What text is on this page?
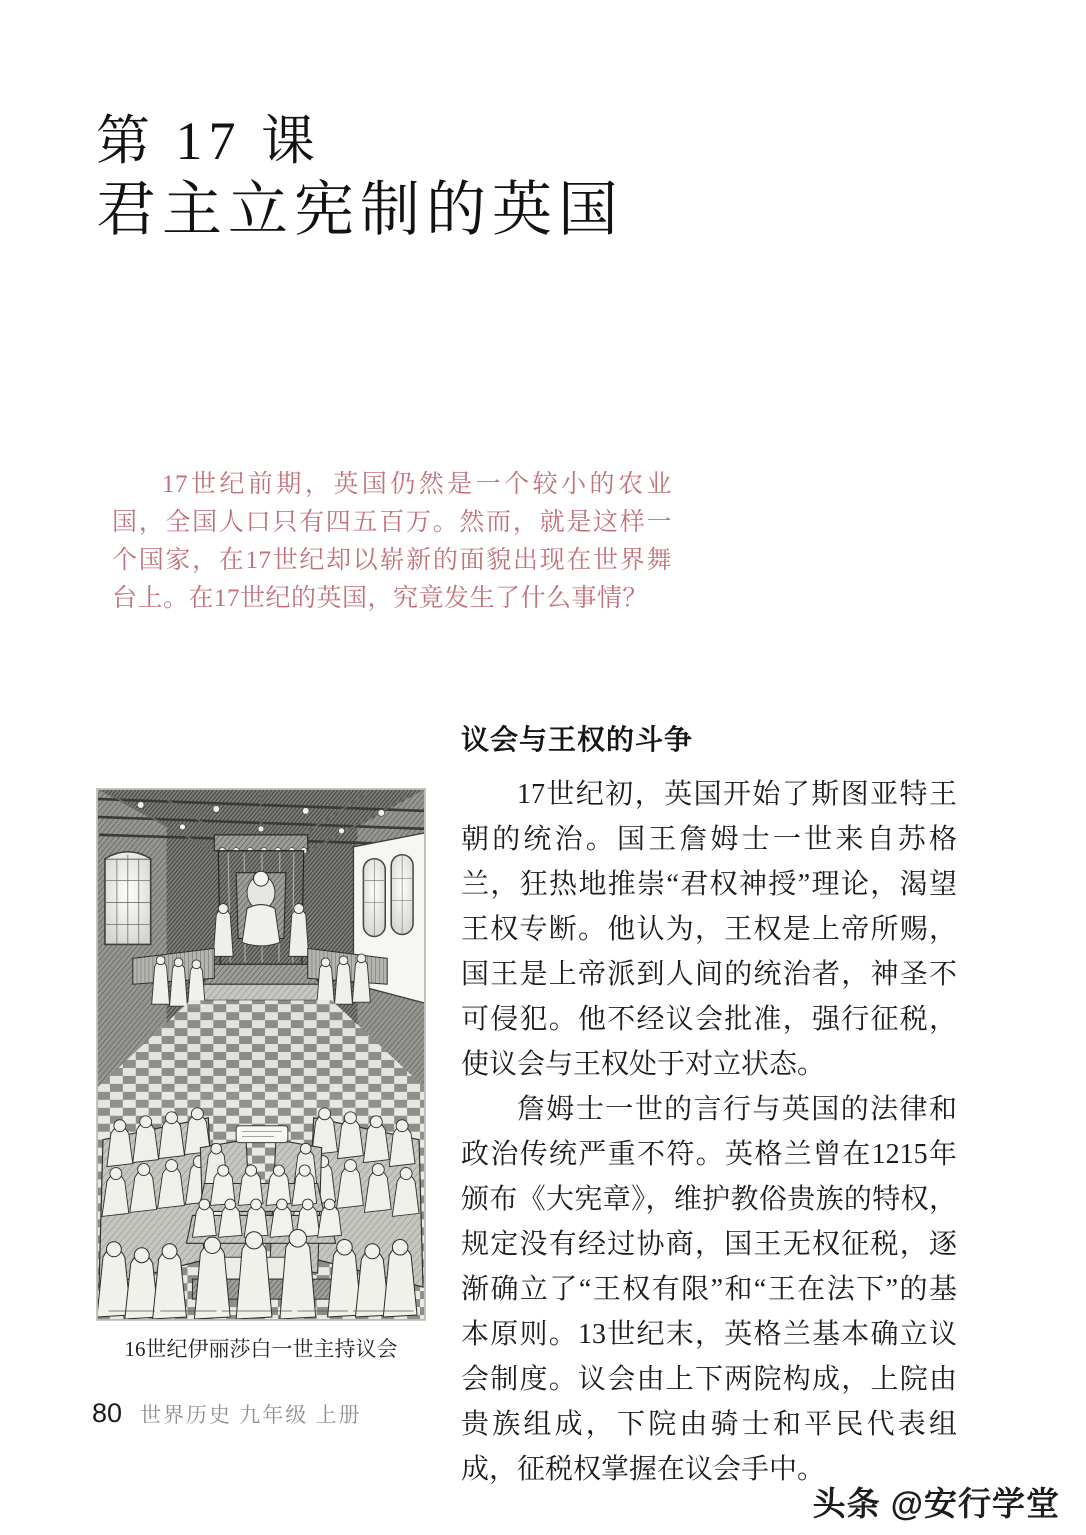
第 17 课
君主立宪制的英国
17世纪前期，英国仍然是一个较小的农业国，全国人口只有四五百万。然而，就是这样一个国家，在17世纪却以崭新的面貌出现在世界舞台上。在17世纪的英国，究竟发生了什么事情？
16世纪伊丽莎白一世主持议会
议会与王权的斗争

17世纪初，英国开始了斯图亚特王朝的统治。国王詹姆士一世来自苏格兰，狂热地推崇“君权神授”理论，渴望王权专断。他认为，王权是上帝所赐，国王是上帝派到人间的统治者，神圣不可侵犯。他不经议会批准，强行征税，使议会与王权处于对立状态。

詹姆士一世的言行与英国的法律和政治传统严重不符。英格兰曾在1215年颁布《大宪章》，维护教俗贵族的特权，规定没有经过协商，国王无权征税，逐渐确立了“王权有限”和“王在法下”的基本原则。13世纪末，英格兰基本确立议会制度。议会由上下两院构成，上院由贵族组成，下院由骑士和平民代表组成，征税权掌握在议会手中。

80 世界历史 九年级 上册
头条 @安行学堂
